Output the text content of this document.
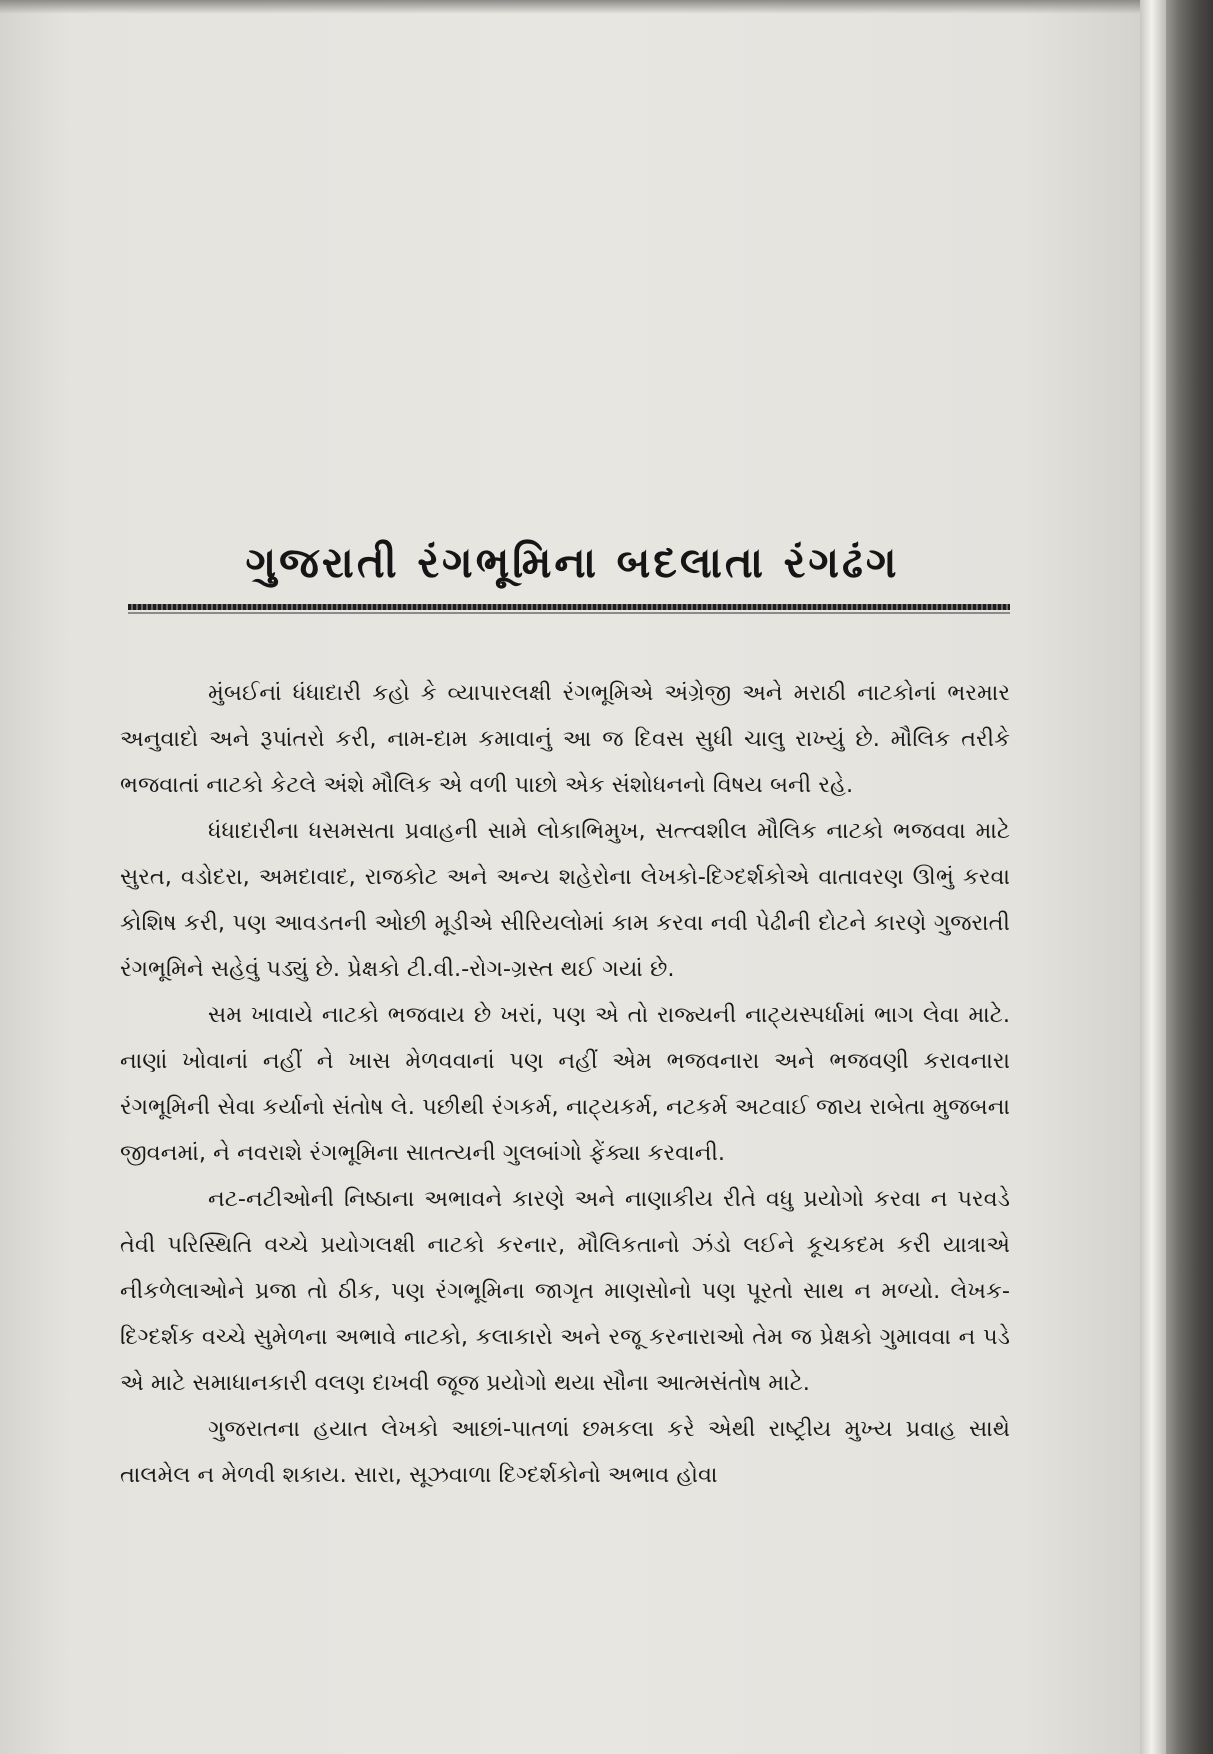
ગુજરાતી રંગભૂમિના બદલાતા રંગઢંગ

મુંબઈનાં ધંધાદારી કહો કે વ્યાપારલક્ષી રંગભૂમિએ અંગ્રેજી અને મરાઠી નાટકોનાં ભરમાર અનુવાદો અને રૂપાંતરો કરી, નામ-દામ કમાવાનું આ જ દિવસ સુધી ચાલુ રાખ્યું છે. મૌલિક તરીકે ભજવાતાં નાટકો કેટલે અંશે મૌલિક એ વળી પાછો એક સંશોધનનો વિષય બની રહે.

ધંધાદારીના ધસમસતા પ્રવાહની સામે લોકાભિમુખ, સત્ત્વશીલ મૌલિક નાટકો ભજવવા માટે સુરત, વડોદરા, અમદાવાદ, રાજકોટ અને અન્ય શહેરોના લેખકો-દિગ્દર્શકોએ વાતાવરણ ઊભું કરવા કોશિષ કરી, પણ આવડતની ઓછી મૂડીએ સીરિયલોમાં કામ કરવા નવી પેઢીની દોટને કારણે ગુજરાતી રંગભૂમિને સહેવું પડ્યું છે. પ્રેક્ષકો ટી.વી.-રોગ-ગ્રસ્ત થઈ ગયાં છે.

સમ ખાવાયે નાટકો ભજવાય છે ખરાં, પણ એ તો રાજ્યની નાટ્યસ્પર્ધામાં ભાગ લેવા માટે. નાણાં ખોવાનાં નહીં ને ખાસ મેળવવાનાં પણ નહીં એમ ભજવનારા અને ભજવણી કરાવનારા રંગભૂમિની સેવા કર્યાનો સંતોષ લે. પછીથી રંગકર્મ, નાટ્યકર્મ, નટકર્મ અટવાઈ જાય રાબેતા મુજબના જીવનમાં, ને નવરાશે રંગભૂમિના સાતત્યની ગુલબાંગો ફેંક્યા કરવાની.

નટ-નટીઓની નિષ્ઠાના અભાવને કારણે અને નાણાકીય રીતે વધુ પ્રયોગો કરવા ન પરવડે તેવી પરિસ્થિતિ વચ્ચે પ્રયોગલક્ષી નાટકો કરનાર, મૌલિકતાનો ઝંડો લઈને કૂચકદમ કરી યાત્રાએ નીકળેલાઓને પ્રજા તો ઠીક, પણ રંગભૂમિના જાગૃત માણસોનો પણ પૂરતો સાથ ન મળ્યો. લેખક-દિગ્દર્શક વચ્ચે સુમેળના અભાવે નાટકો, કલાકારો અને રજૂ કરનારાઓ તેમ જ પ્રેક્ષકો ગુમાવવા ન પડે એ માટે સમાધાનકારી વલણ દાખવી જૂજ પ્રયોગો થયા સૌના આત્મસંતોષ માટે.

ગુજરાતના હયાત લેખકો આછાં-પાતળાં છમકલા કરે એથી રાષ્ટ્રીય મુખ્ય પ્રવાહ સાથે તાલમેલ ન મેળવી શકાય. સારા, સૂઝવાળા દિગ્દર્શકોનો અભાવ હોવા
